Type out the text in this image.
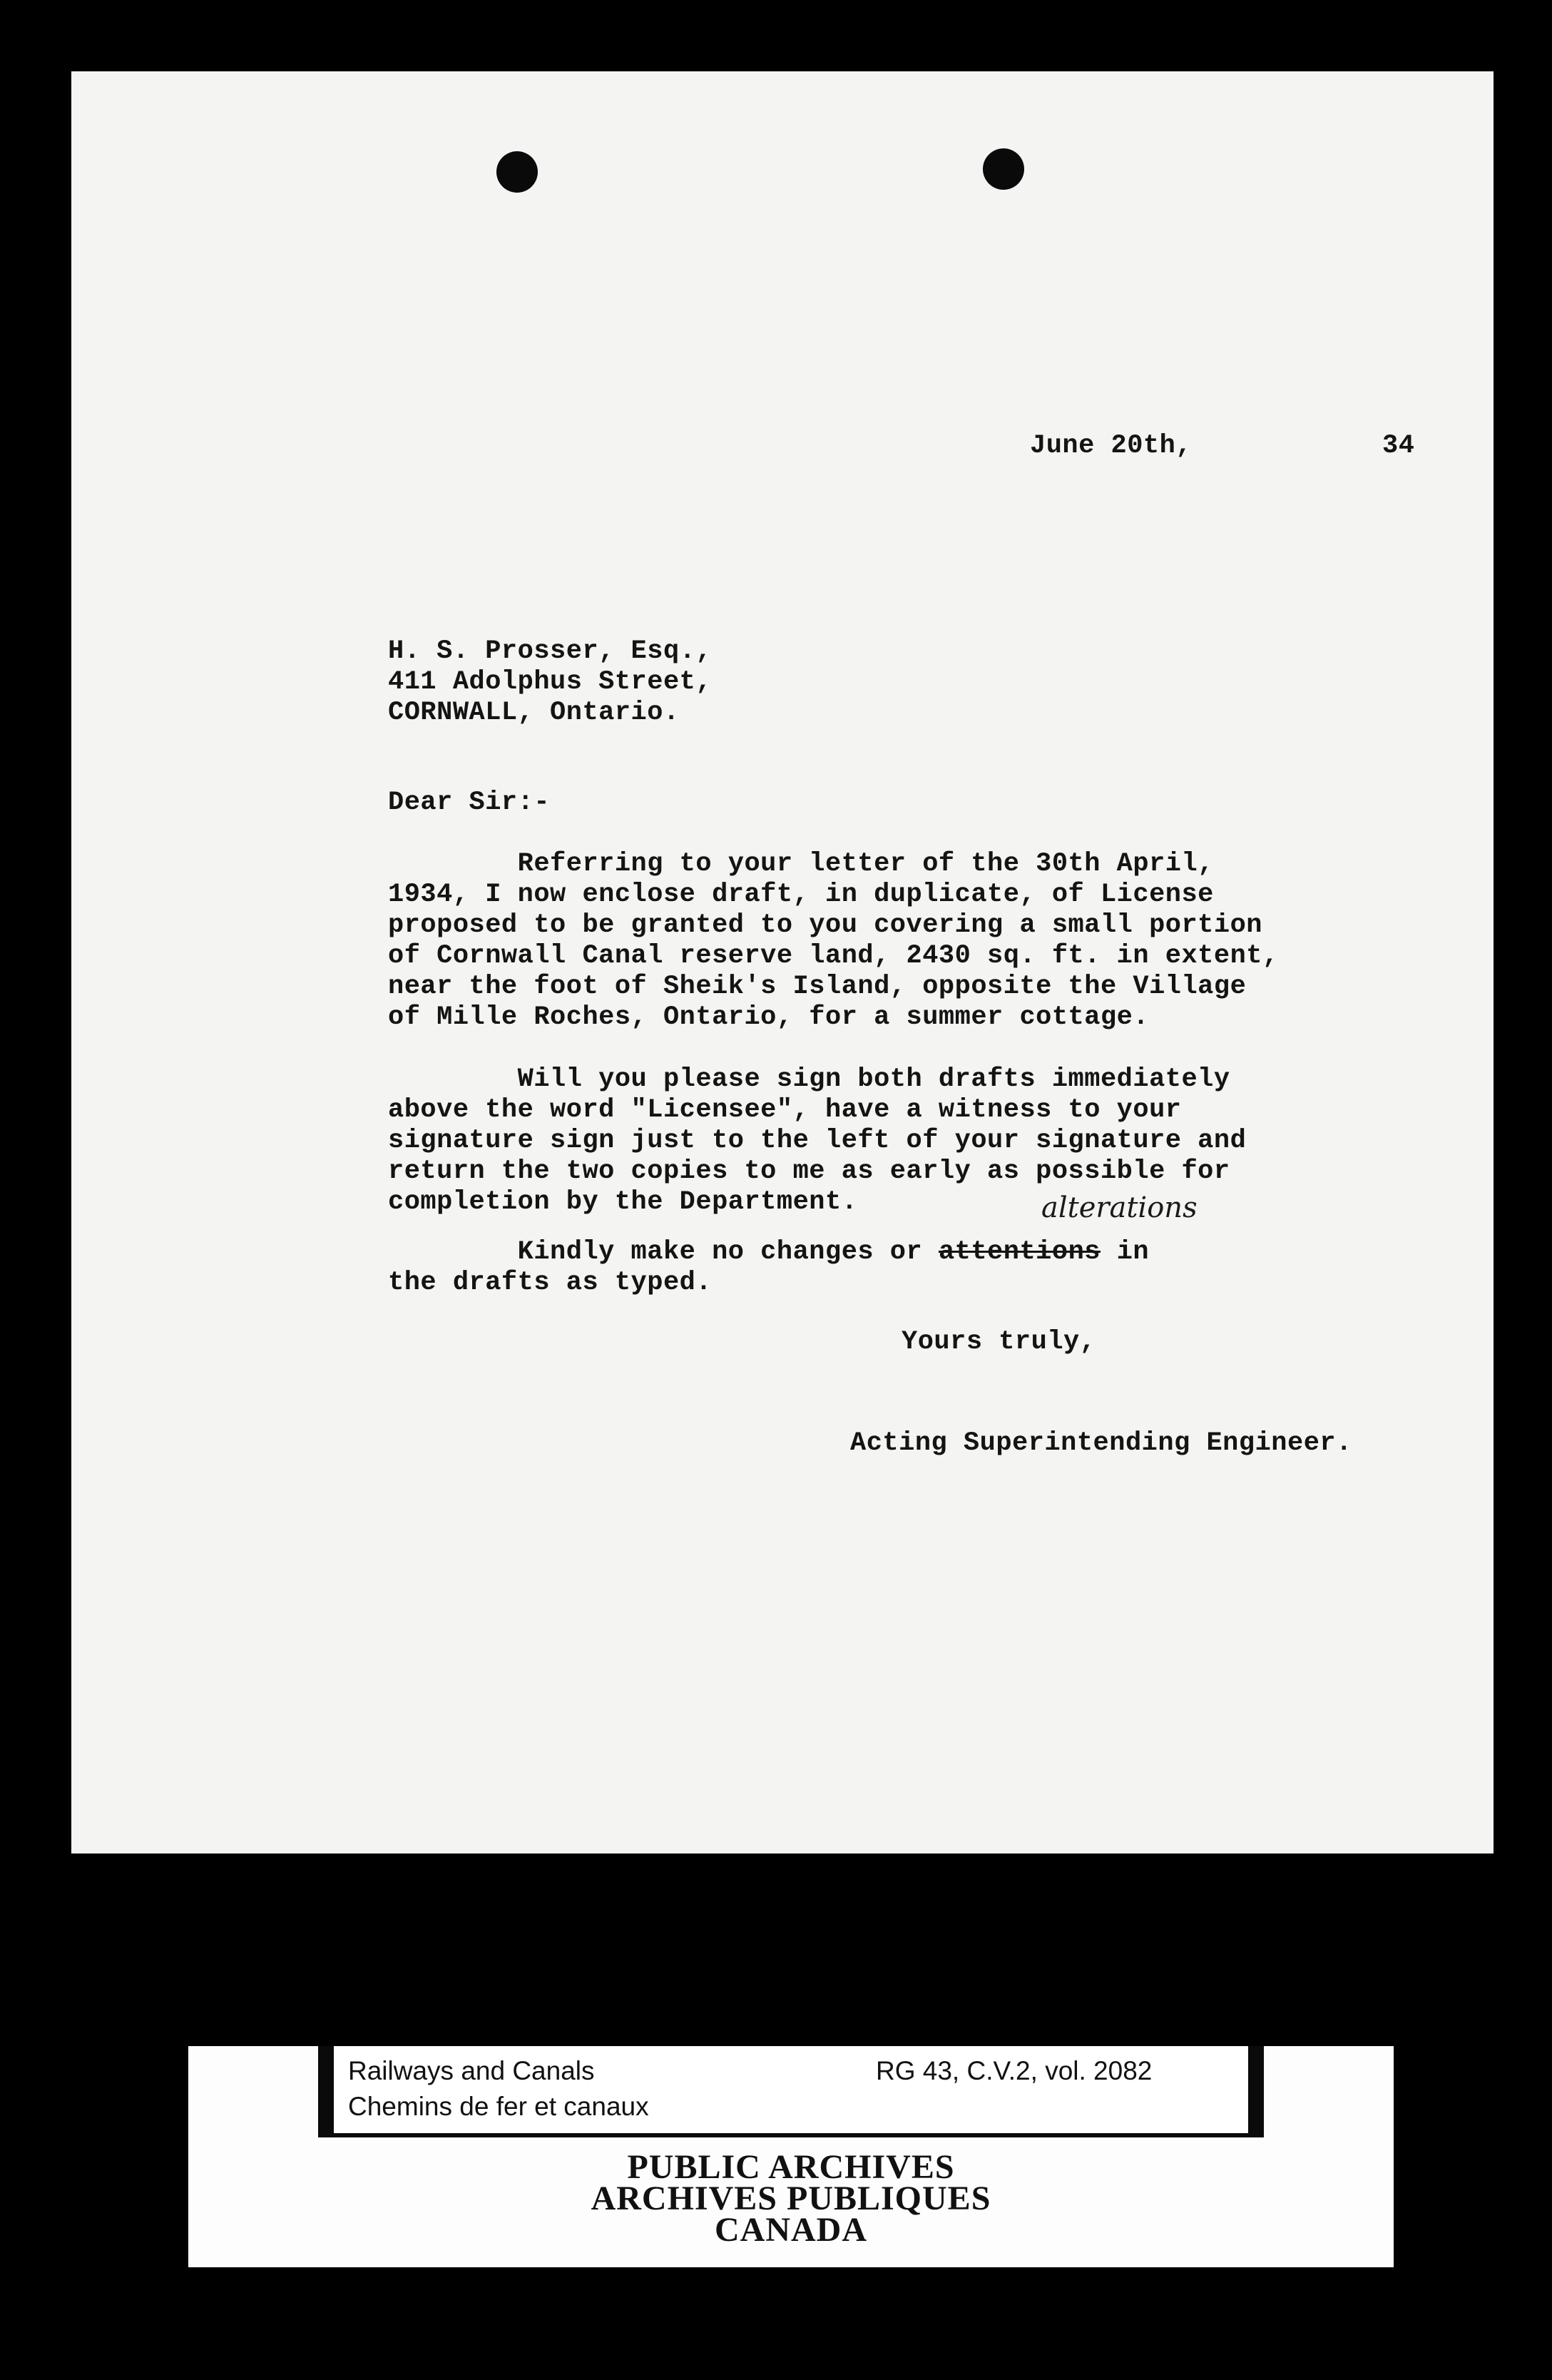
June 20th,	34
H. S. Prosser, Esq.,
411 Adolphus Street,
CORNWALL, Ontario.
Dear Sir:-
Referring to your letter of the 30th April,
1934, I now enclose draft, in duplicate, of License
proposed to be granted to you covering a small portion
of Cornwall Canal reserve land, 2430 sq. ft. in extent,
near the foot of Sheik's Island, opposite the Village
of Mille Roches, Ontario, for a summer cottage.
Will you please sign both drafts immediately
above the word "Licensee", have a witness to your
signature sign just to the left of your signature and
return the two copies to me as early as possible for
completion by the Department.	alterations
Kindly make no changes or attentions in
the drafts as typed.
Yours truly,
Acting Superintending Engineer.
Railways and Canals
Chemins de fer et canaux
RG 43, C.V.2, vol. 2082
PUBLIC ARCHIVES
ARCHIVES PUBLIQUES
CANADA
